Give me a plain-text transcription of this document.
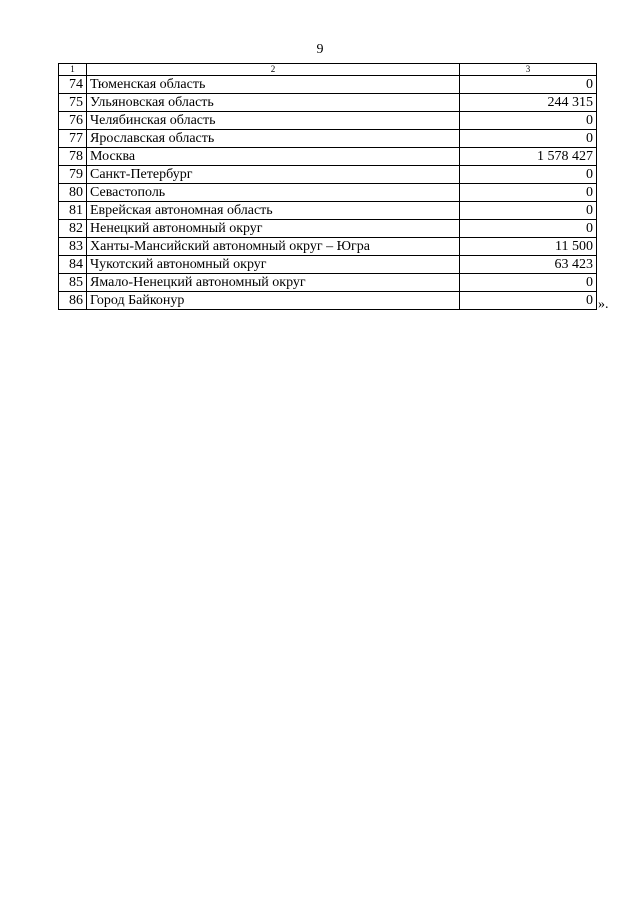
9
1	2	3
74	Тюменская область	0
75	Ульяновская область	244 315
76	Челябинская область	0
77	Ярославская область	0
78	Москва	1 578 427
79	Санкт-Петербург	0
80	Севастополь	0
81	Еврейская автономная область	0
82	Ненецкий автономный округ	0
83	Ханты-Мансийский автономный округ – Югра	11 500
84	Чукотский автономный округ	63 423
85	Ямало-Ненецкий автономный округ	0
86	Город Байконур	0 ».
